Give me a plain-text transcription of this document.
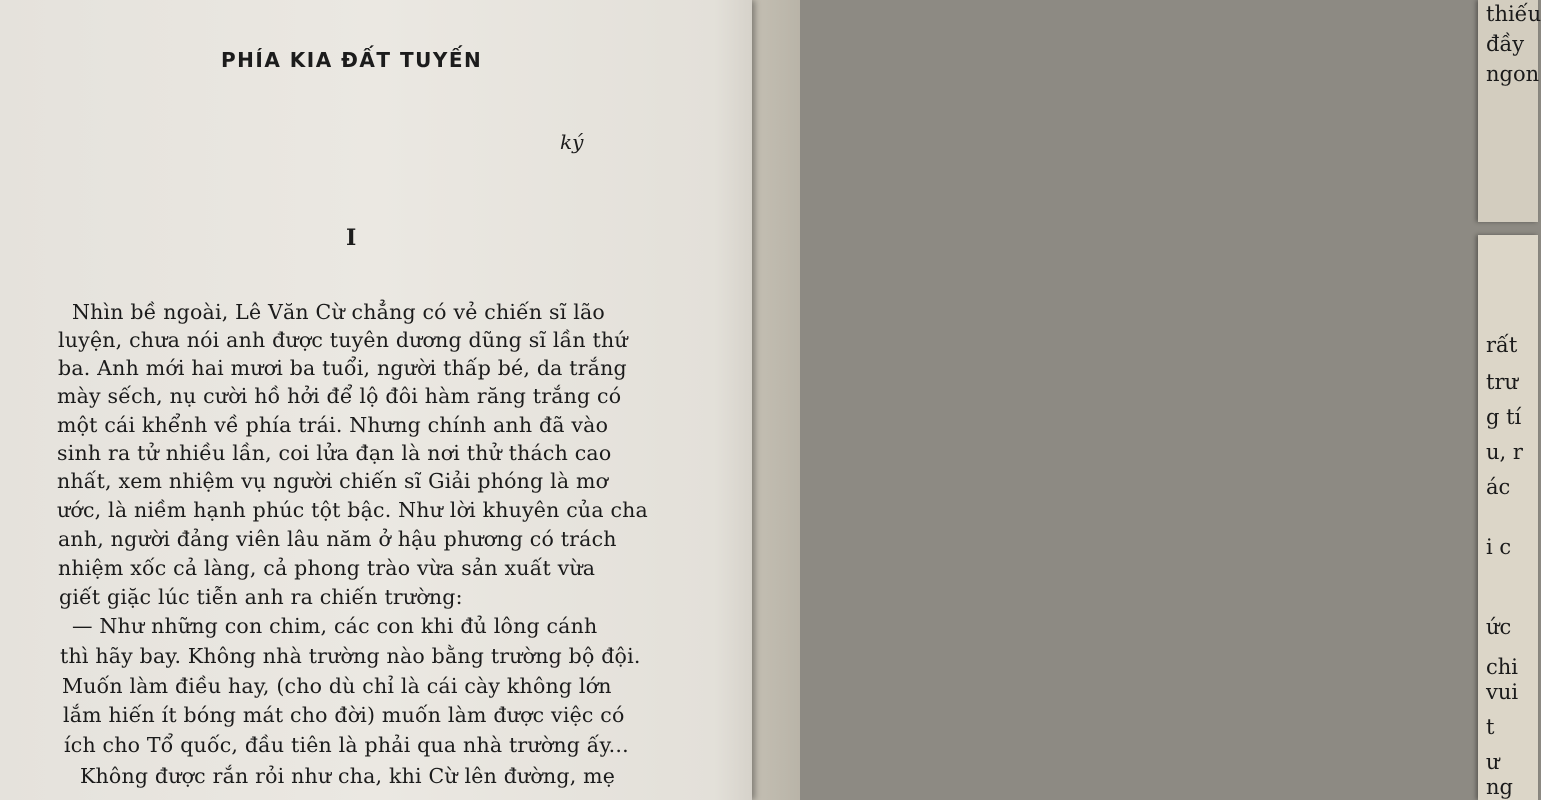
thiếu
đầy
ngon
rất
trư
g tí
u, r
ác
i c
ức
chi
vui
t
ư
ng
PHÍA KIA ĐẤT TUYẾN
ký
I
Nhìn bề ngoài, Lê Văn Cừ chẳng có vẻ chiến sĩ lão
luyện, chưa nói anh được tuyên dương dũng sĩ lần thứ
ba. Anh mới hai mươi ba tuổi, người thấp bé, da trắng
mày sếch, nụ cười hồ hởi để lộ đôi hàm răng trắng có
một cái khểnh về phía trái. Nhưng chính anh đã vào
sinh ra tử nhiều lần, coi lửa đạn là nơi thử thách cao
nhất, xem nhiệm vụ người chiến sĩ Giải phóng là mơ
ước, là niềm hạnh phúc tột bậc. Như lời khuyên của cha
anh, người đảng viên lâu năm ở hậu phương có trách
nhiệm xốc cả làng, cả phong trào vừa sản xuất vừa
giết giặc lúc tiễn anh ra chiến trường:
— Như những con chim, các con khi đủ lông cánh
thì hãy bay. Không nhà trường nào bằng trường bộ đội.
Muốn làm điều hay, (cho dù chỉ là cái cày không lớn
lắm hiến ít bóng mát cho đời) muốn làm được việc có
ích cho Tổ quốc, đầu tiên là phải qua nhà trường ấy...
Không được rắn rỏi như cha, khi Cừ lên đường, mẹ
